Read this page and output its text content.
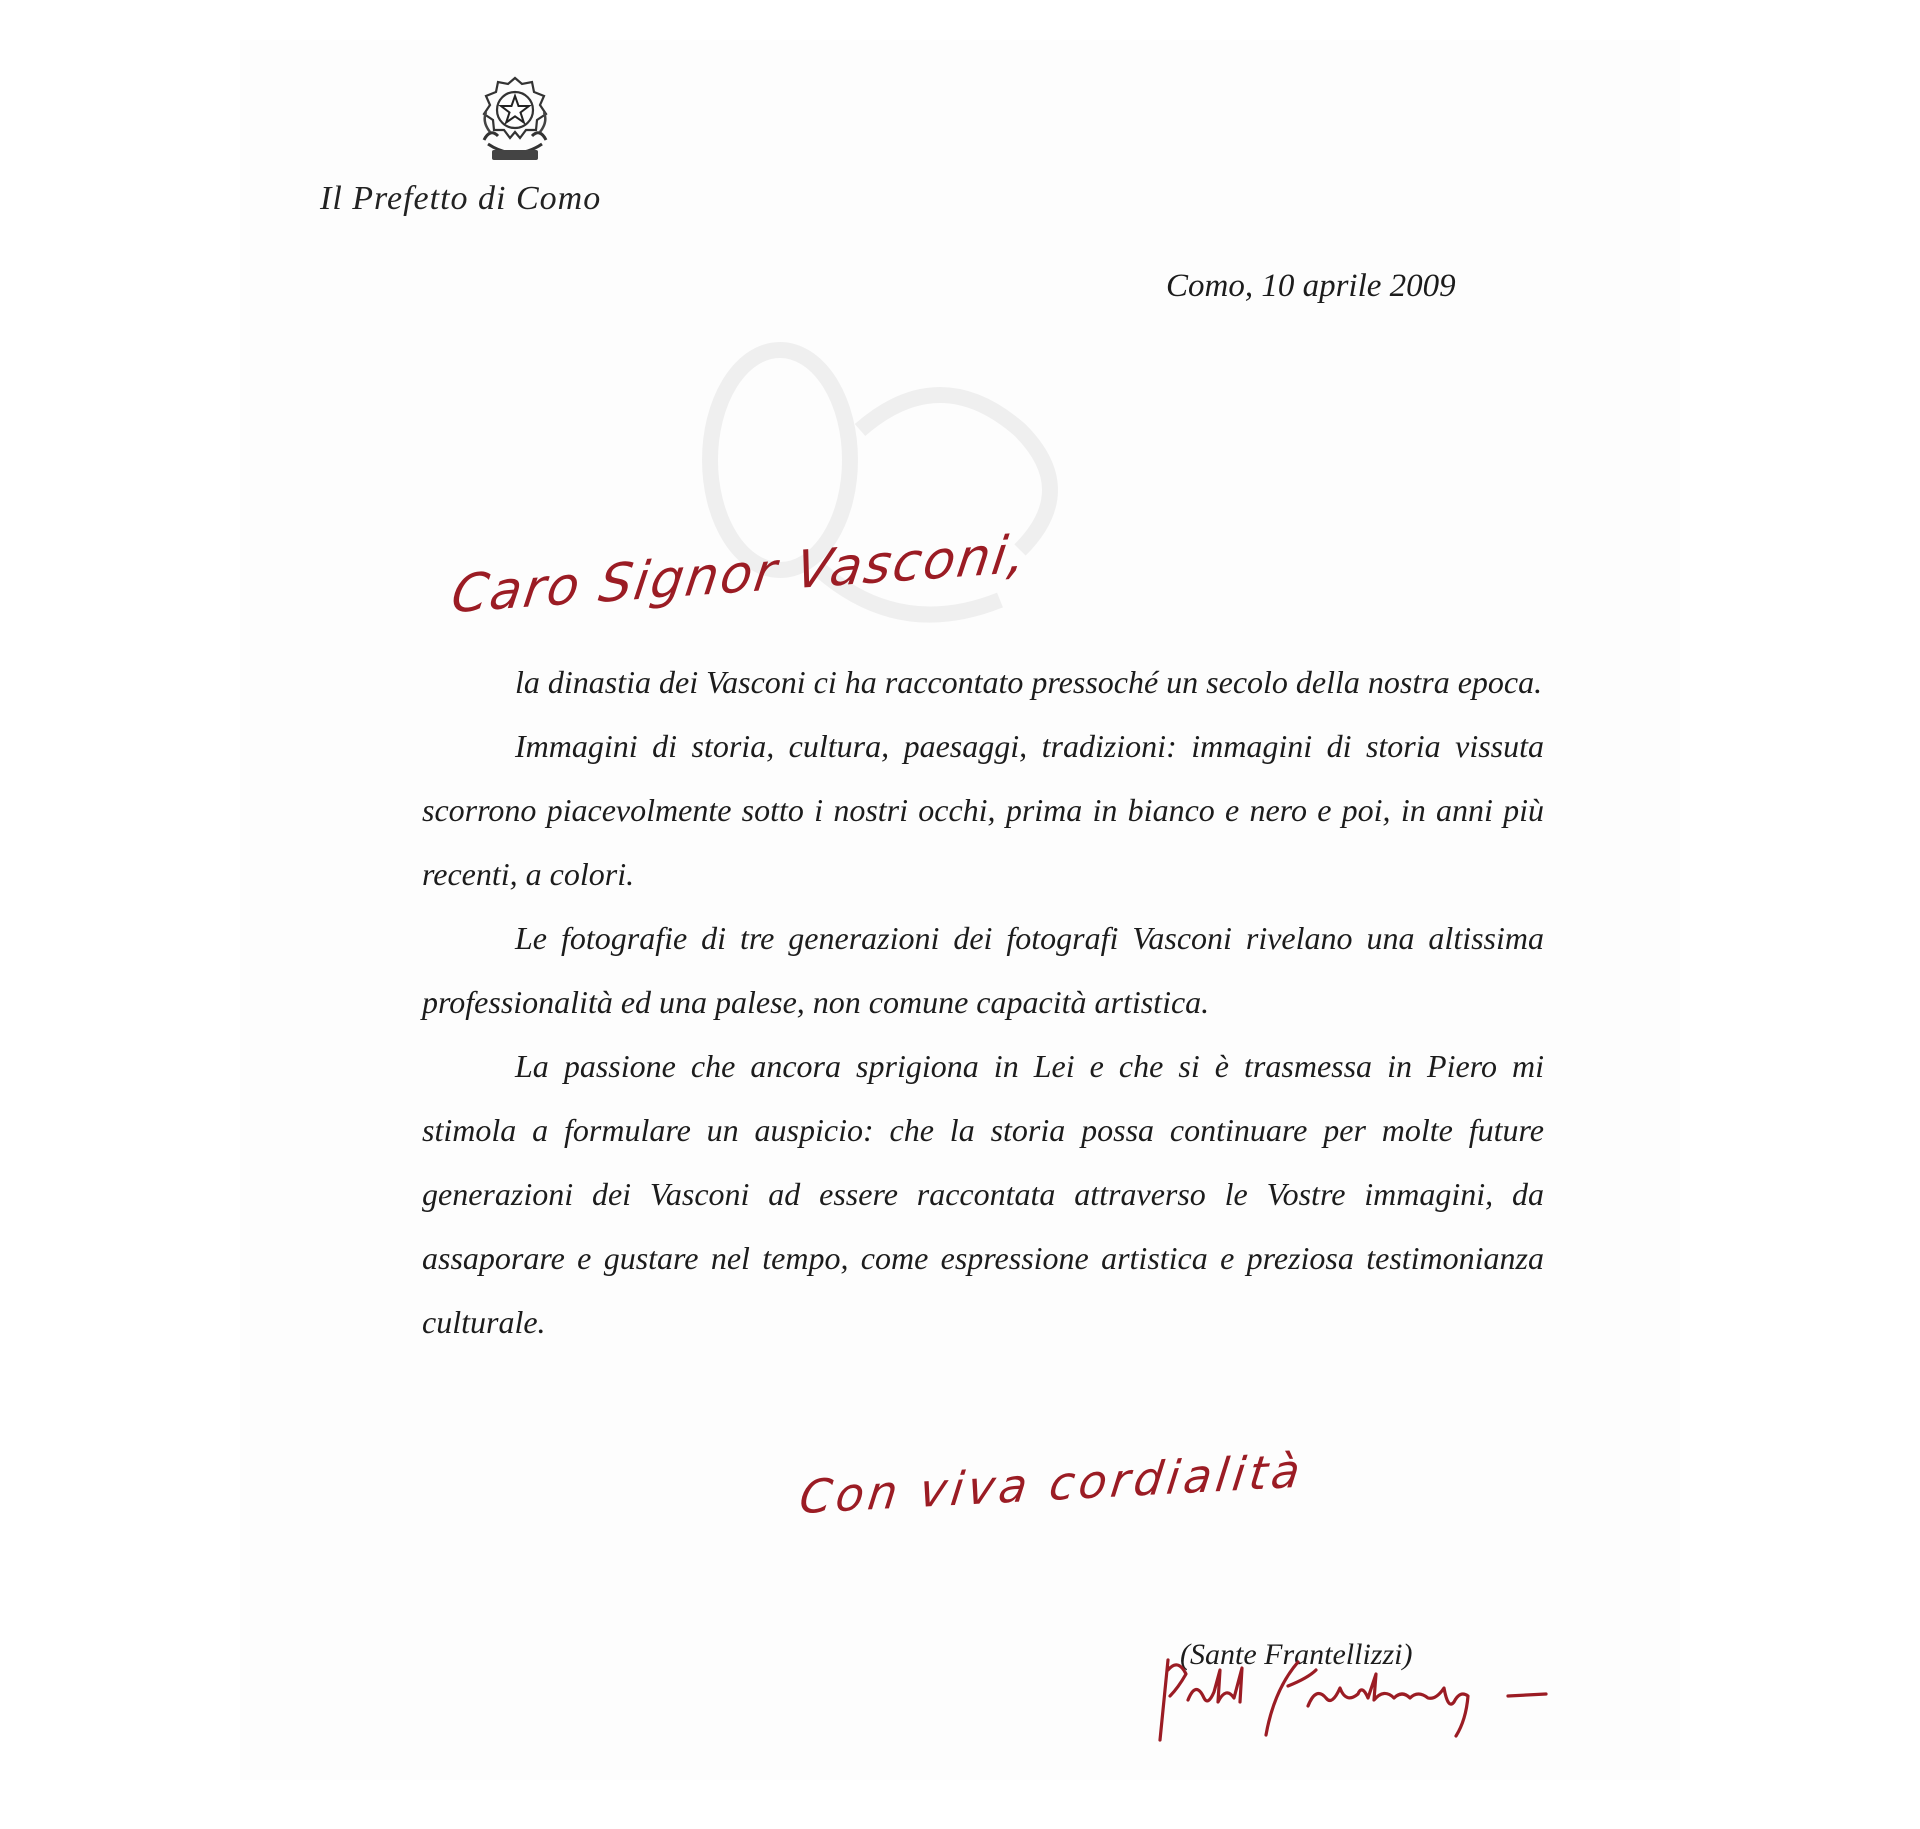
Il Prefetto di Como
Como, 10 aprile 2009
Caro Signor Vasconi,

la dinastia dei Vasconi ci ha raccontato pressoché un secolo della nostra epoca.

Immagini di storia, cultura, paesaggi, tradizioni: immagini di storia vissuta scorrono piacevolmente sotto i nostri occhi, prima in bianco e nero e poi, in anni più recenti, a colori.

Le fotografie di tre generazioni dei fotografi Vasconi rivelano una altissima professionalità ed una palese, non comune capacità artistica.

La passione che ancora sprigiona in Lei e che si è trasmessa in Piero mi stimola a formulare un auspicio: che la storia possa continuare per molte future generazioni dei Vasconi ad essere raccontata attraverso le Vostre immagini, da assaporare e gustare nel tempo, come espressione artistica e preziosa testimonianza culturale.

Con viva cordialità
(Sante Frantellizzi)
